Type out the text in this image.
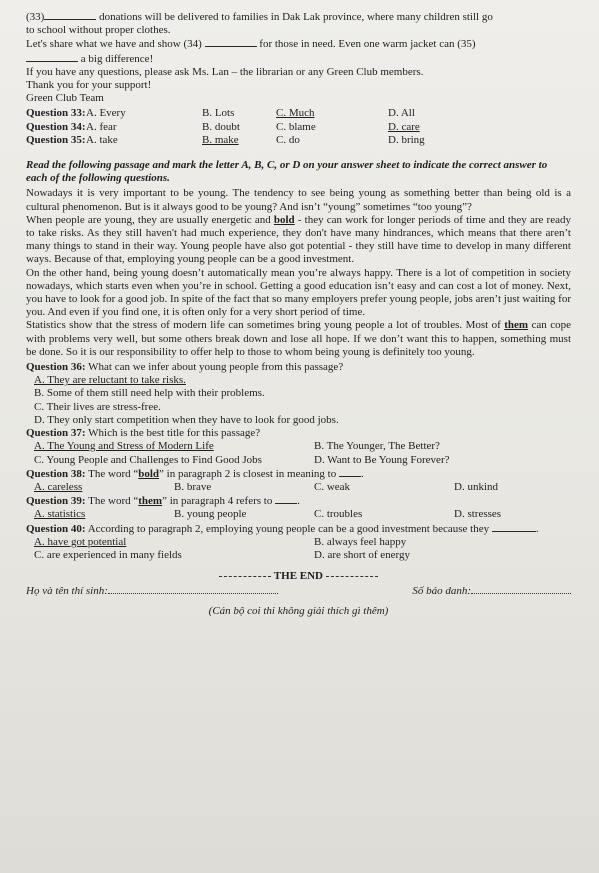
(33)	donations will be delivered to families in Dak Lak province, where many children still go

to school without proper clothes.

Let's share what we have and show (34)	for those in need. Even one warm jacket can (35)

a big difference!

If you have any questions, please ask Ms. Lan – the librarian or any Green Club members.

Thank you for your support!

Green Club Team

Question 33: A. Every	B. Lots	C. Much	D. All
Question 34: A. fear	B. doubt	C. blame	D. care
Question 35: A. take	B. make	C. do	D. bring

Read the following passage and mark the letter A, B, C, or D on your answer sheet to indicate the correct answer to each of the following questions.

Nowadays it is very important to be young. The tendency to see being young as something better than being old is a cultural phenomenon. But is it always good to be young? And isn’t “young” sometimes “too young”?

When people are young, they are usually energetic and bold - they can work for longer periods of time and they are ready to take risks. As they still haven't had much experience, they don't have many hindrances, which means that there aren’t many things to stand in their way. Young people have also got potential - they still have time to develop in many different ways. Because of that, employing young people can be a good investment.

On the other hand, being young doesn’t automatically mean you’re always happy. There is a lot of competition in society nowadays, which starts even when you’re in school. Getting a good education isn’t easy and can cost a lot of money. Next, you have to look for a good job. In spite of the fact that so many employers prefer young people, jobs aren’t just waiting for you. And even if you find one, it is often only for a very short period of time.

Statistics show that the stress of modern life can sometimes bring young people a lot of troubles. Most of them can cope with problems very well, but some others break down and lose all hope. If we don’t want this to happen, something must be done. So it is our responsibility to offer help to those to whom being young is definitely too young.

Question 36: What can we infer about young people from this passage?

A. They are reluctant to take risks.

B. Some of them still need help with their problems.

C. Their lives are stress-free.

D. They only start competition when they have to look for good jobs.

Question 37: Which is the best title for this passage?

A. The Young and Stress of Modern Life	B. The Younger, The Better?
C. Young People and Challenges to Find Good Jobs	D. Want to Be Young Forever?

Question 38: The word “bold” in paragraph 2 is closest in meaning to .

A. careless	B. brave	C. weak	D. unkind

Question 39: The word “them” in paragraph 4 refers to .

A. statistics	B. young people	C. troubles	D. stresses

Question 40: According to paragraph 2, employing young people can be a good investment because they	.

A. have got potential	B. always feel happy
C. are experienced in many fields	D. are short of energy
THE END
Họ và tên thí sinh:	Số báo danh:

(Cán bộ coi thi không giải thích gì thêm)
